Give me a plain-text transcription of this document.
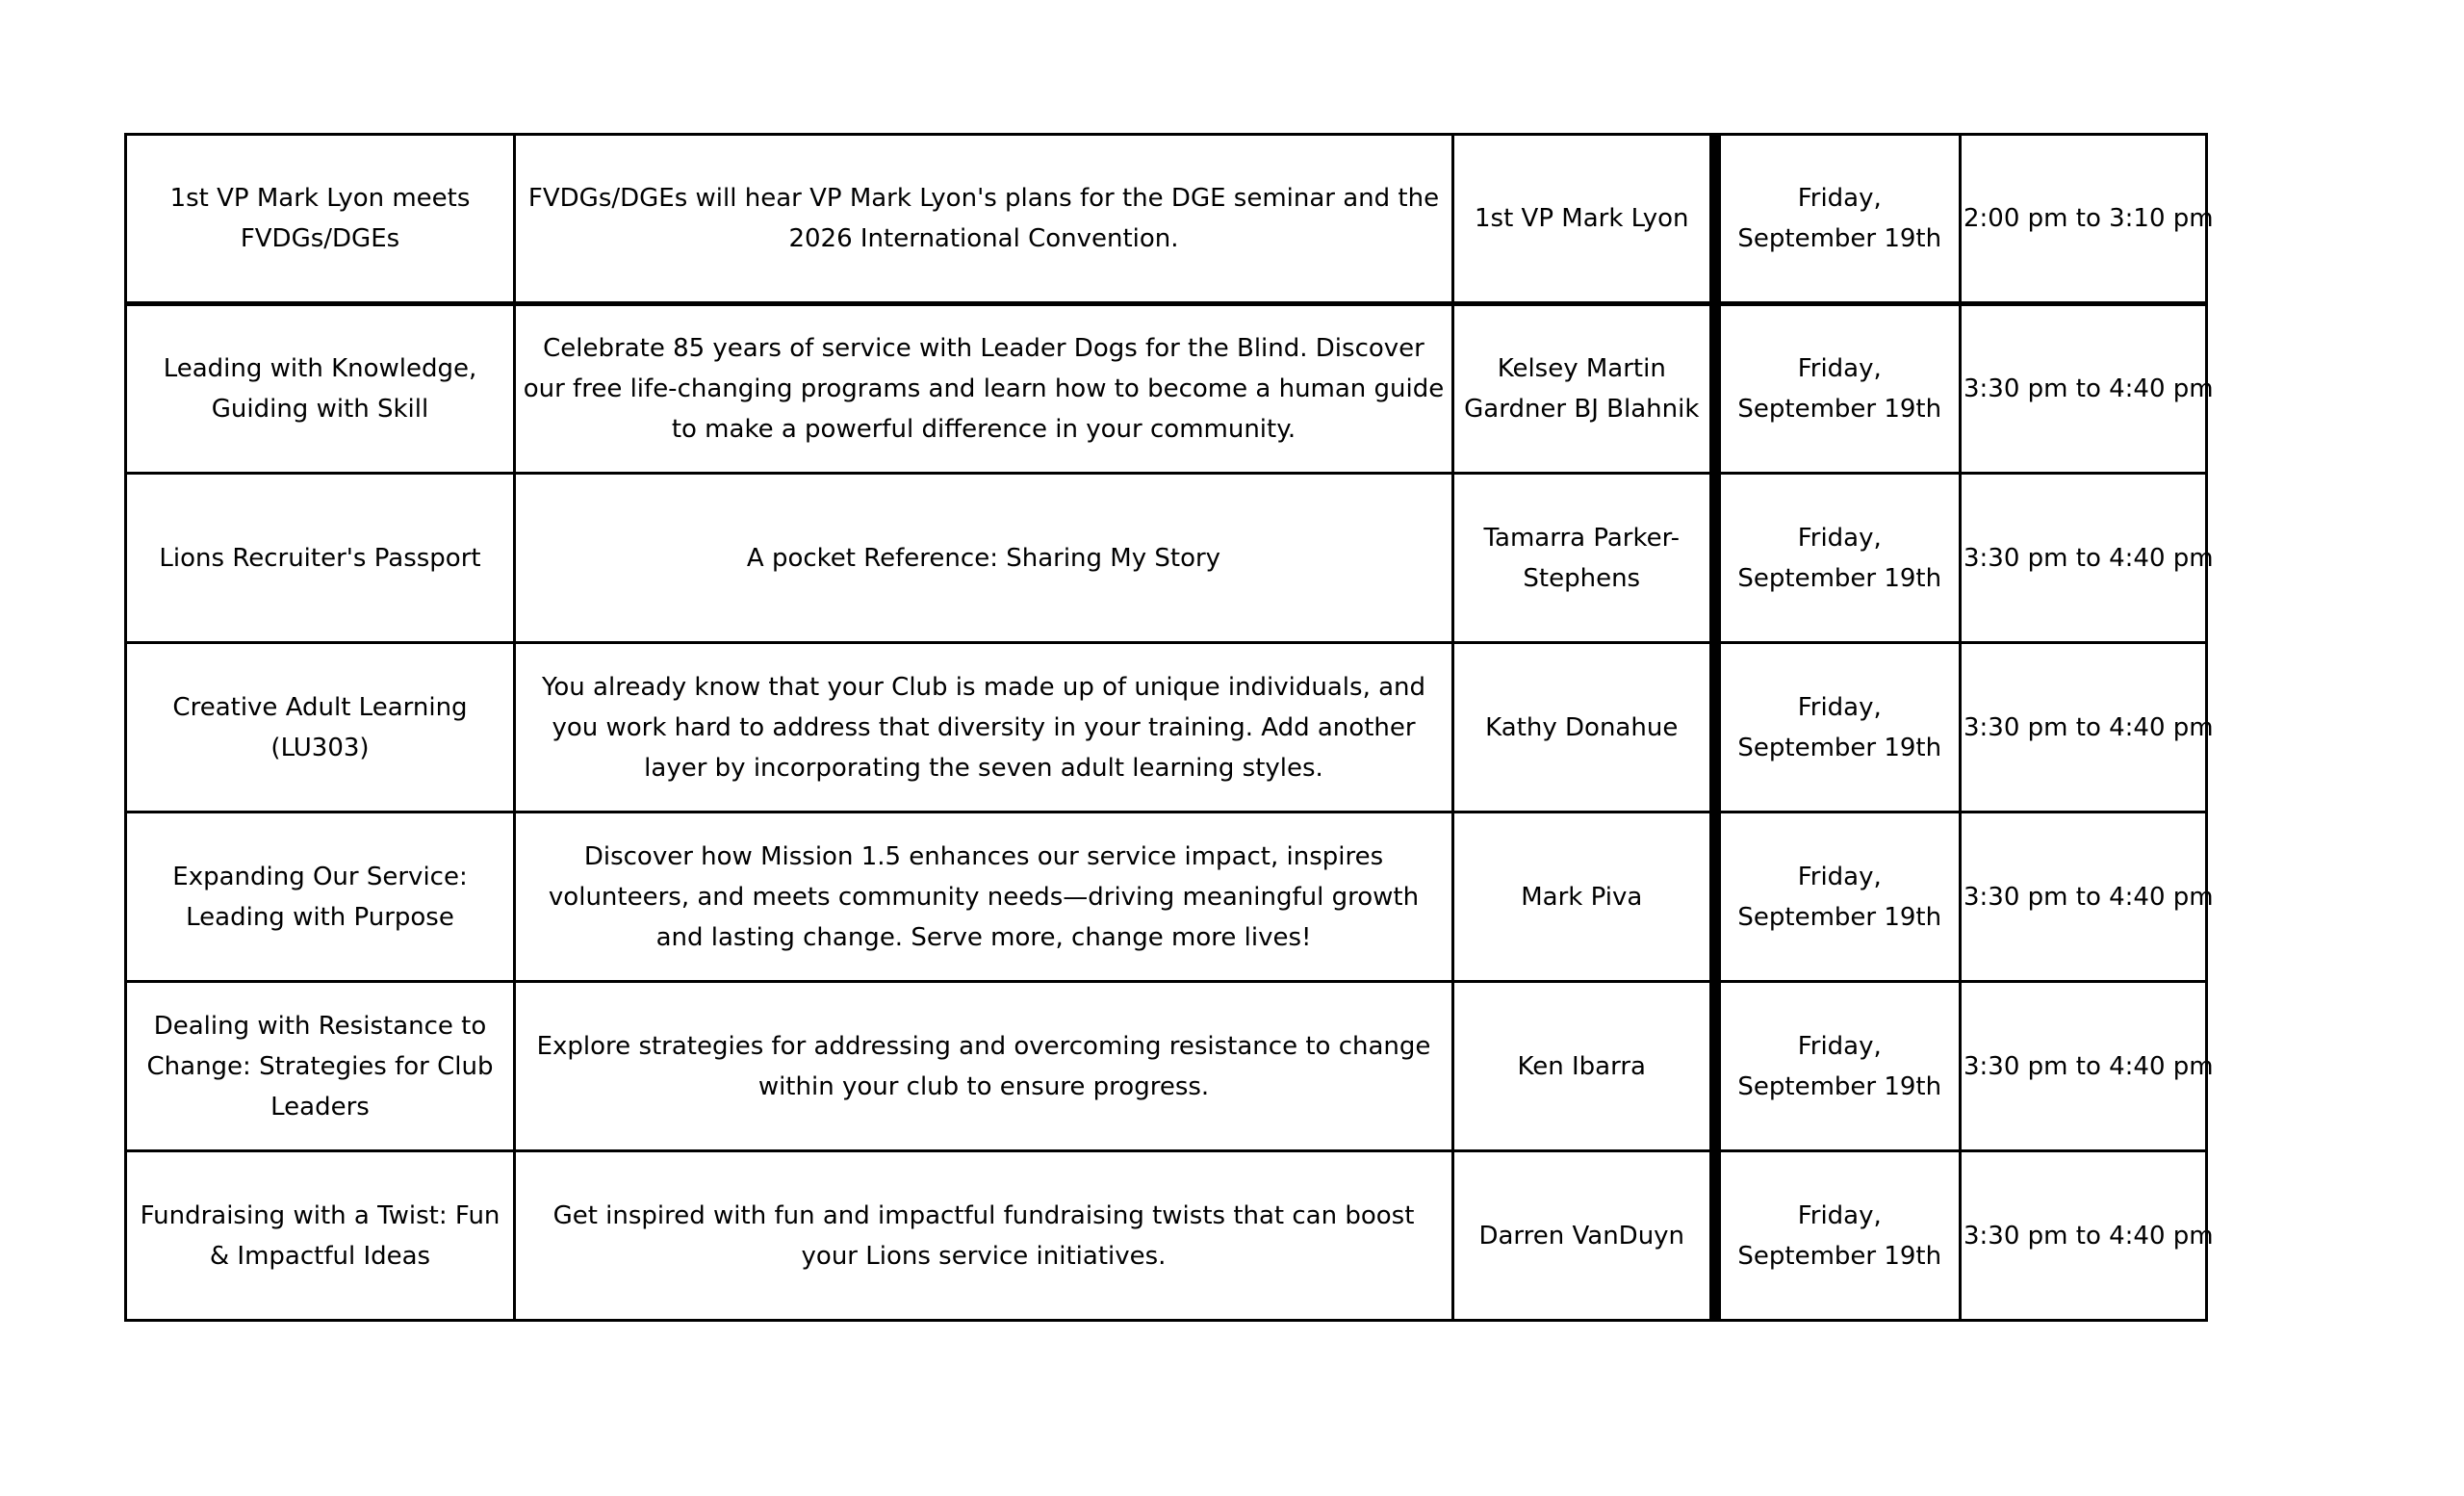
1st VP Mark Lyon meets FVDGs/DGEs	FVDGs/DGEs will hear VP Mark Lyon's plans for the DGE seminar and the 2026 International Convention.	1st VP Mark Lyon	Friday, September 19th	2:00 pm to 3:10 pm
Leading with Knowledge, Guiding with Skill	Celebrate 85 years of service with Leader Dogs for the Blind. Discover our free life-changing programs and learn how to become a human guide to make a powerful difference in your community.	Kelsey Martin Gardner BJ Blahnik	Friday, September 19th	3:30 pm to 4:40 pm
Lions Recruiter's Passport	A pocket Reference: Sharing My Story	Tamarra Parker-Stephens	Friday, September 19th	3:30 pm to 4:40 pm
Creative Adult Learning (LU303)	You already know that your Club is made up of unique individuals, and you work hard to address that diversity in your training. Add another layer by incorporating the seven adult learning styles.	Kathy Donahue	Friday, September 19th	3:30 pm to 4:40 pm
Expanding Our Service: Leading with Purpose	Discover how Mission 1.5 enhances our service impact, inspires volunteers, and meets community needs—driving meaningful growth and lasting change. Serve more, change more lives!	Mark Piva	Friday, September 19th	3:30 pm to 4:40 pm
Dealing with Resistance to Change: Strategies for Club Leaders	Explore strategies for addressing and overcoming resistance to change within your club to ensure progress.	Ken Ibarra	Friday, September 19th	3:30 pm to 4:40 pm
Fundraising with a Twist: Fun & Impactful Ideas	Get inspired with fun and impactful fundraising twists that can boost your Lions service initiatives.	Darren VanDuyn	Friday, September 19th	3:30 pm to 4:40 pm
